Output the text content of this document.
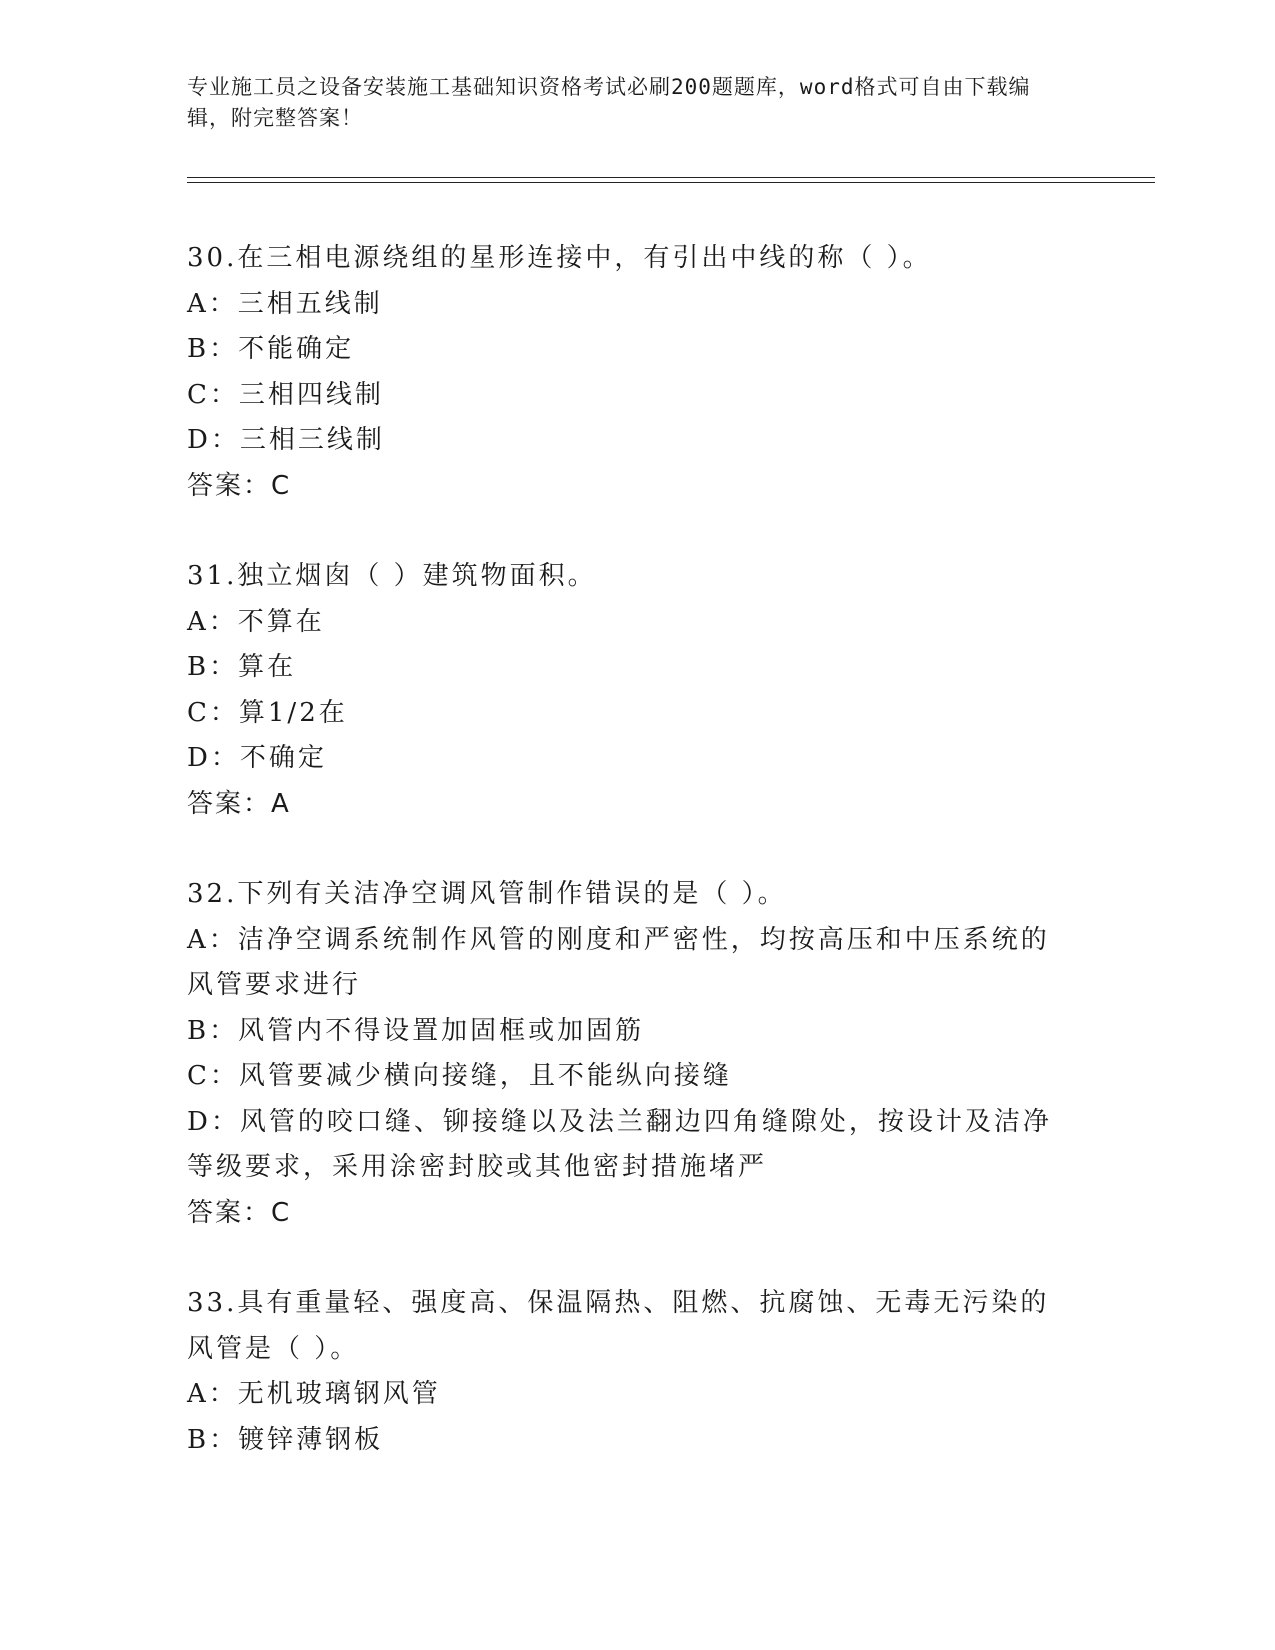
专业施工员之设备安装施工基础知识资格考试必刷200题题库，word格式可自由下载编辑，附完整答案！
30.在三相电源绕组的星形连接中，有引出中线的称（ ）。
A：三相五线制
B：不能确定
C：三相四线制
D：三相三线制
答案：C
31.独立烟囱（ ）建筑物面积。
A：不算在
B：算在
C：算1/2在
D：不确定
答案：A
32.下列有关洁净空调风管制作错误的是（ ）。
A：洁净空调系统制作风管的刚度和严密性，均按高压和中压系统的风管要求进行
B：风管内不得设置加固框或加固筋
C：风管要减少横向接缝，且不能纵向接缝
D：风管的咬口缝、铆接缝以及法兰翻边四角缝隙处，按设计及洁净等级要求，采用涂密封胶或其他密封措施堵严
答案：C
33.具有重量轻、强度高、保温隔热、阻燃、抗腐蚀、无毒无污染的风管是（ ）。
A：无机玻璃钢风管
B：镀锌薄钢板
